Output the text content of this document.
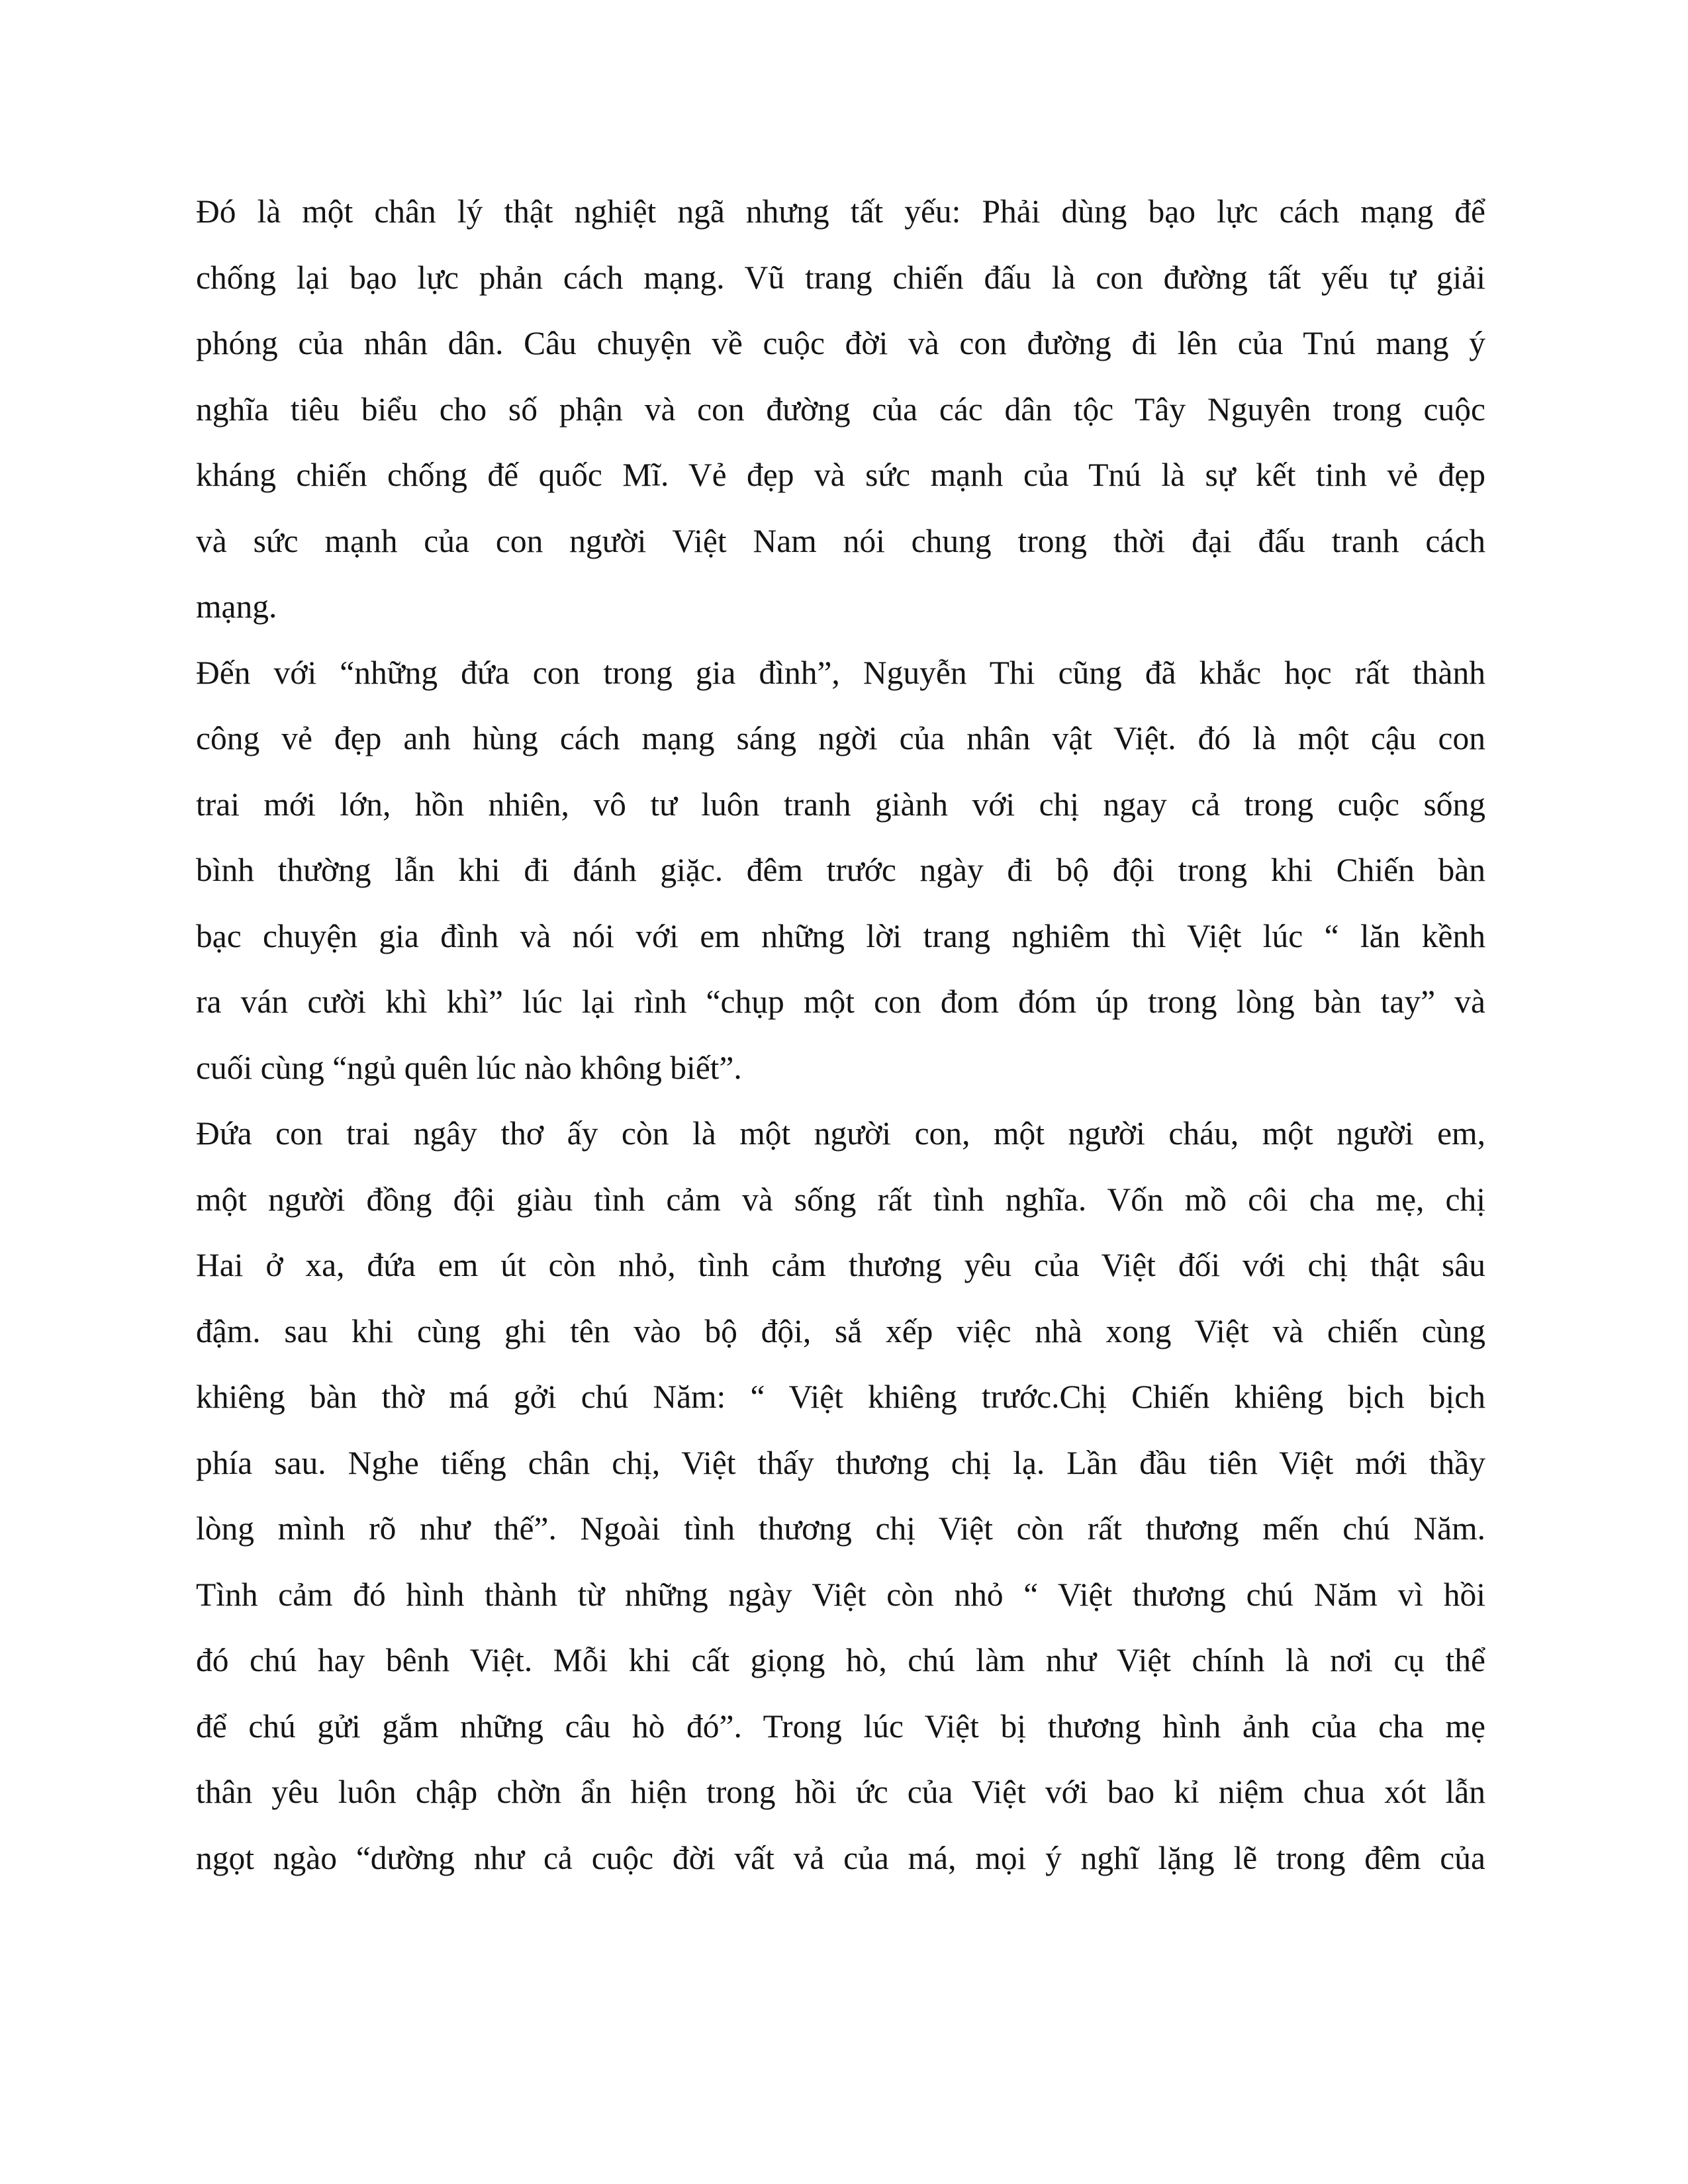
Đó là một chân lý thật nghiệt ngã nhưng tất yếu: Phải dùng bạo lực cách mạng để
chống lại bạo lực phản cách mạng. Vũ trang chiến đấu là con đường tất yếu tự giải
phóng của nhân dân. Câu chuyện về cuộc đời và con đường đi lên của Tnú mang ý
nghĩa tiêu biểu cho số phận và con đường của các dân tộc Tây Nguyên trong cuộc
kháng chiến chống đế quốc Mĩ. Vẻ đẹp và sức mạnh của Tnú là sự kết tinh vẻ đẹp
và sức mạnh của con người Việt Nam nói chung trong thời đại đấu tranh cách
mạng.
Đến với “những đứa con trong gia đình”, Nguyễn Thi cũng đã khắc học rất thành
công vẻ đẹp anh hùng cách mạng sáng ngời của nhân vật Việt. đó là một cậu con
trai mới lớn, hồn nhiên, vô tư luôn tranh giành với chị ngay cả trong cuộc sống
bình thường lẫn khi đi đánh giặc. đêm trước ngày đi bộ đội trong khi Chiến bàn
bạc chuyện gia đình và nói với em những lời trang nghiêm thì Việt lúc “ lăn kềnh
ra ván cười khì khì” lúc lại rình “chụp một con đom đóm úp trong lòng bàn tay” và
cuối cùng “ngủ quên lúc nào không biết”.
Đứa con trai ngây thơ ấy còn là một người con, một người cháu, một người em,
một người đồng đội giàu tình cảm và sống rất tình nghĩa. Vốn mồ côi cha mẹ, chị
Hai ở xa, đứa em út còn nhỏ, tình cảm thương yêu của Việt đối với chị thật sâu
đậm. sau khi cùng ghi tên vào bộ đội, sắ xếp việc nhà xong Việt và chiến cùng
khiêng bàn thờ má gởi chú Năm: “ Việt khiêng trước.Chị Chiến khiêng bịch bịch
phía sau. Nghe tiếng chân chị, Việt thấy thương chị lạ. Lần đầu tiên Việt mới thầy
lòng mình rõ như thế”. Ngoài tình thương chị Việt còn rất thương mến chú Năm.
Tình cảm đó hình thành từ những ngày Việt còn nhỏ “ Việt thương chú Năm vì hồi
đó chú hay bênh Việt. Mỗi khi cất giọng hò, chú làm như Việt chính là nơi cụ thể
để chú gửi gắm những câu hò đó”. Trong lúc Việt bị thương hình ảnh của cha mẹ
thân yêu luôn chập chờn ẩn hiện trong hồi ức của Việt với bao kỉ niệm chua xót lẫn
ngọt ngào “dường như cả cuộc đời vất vả của má, mọi ý nghĩ lặng lẽ trong đêm của
